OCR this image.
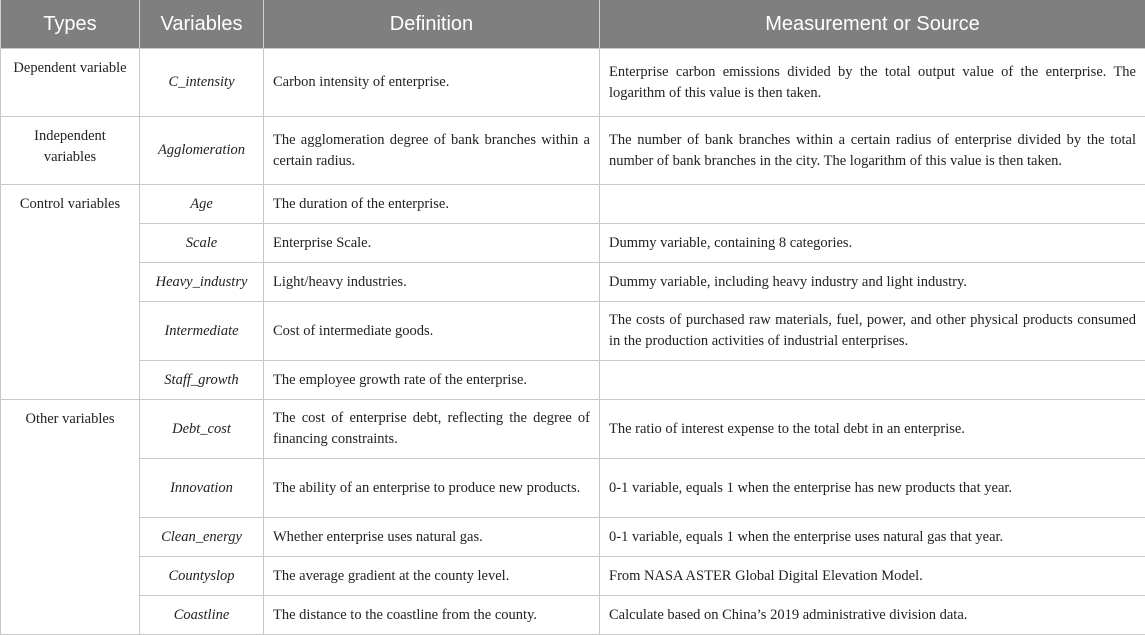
Types	Variables	Definition	Measurement or Source
Dependent variable	C_intensity	Carbon intensity of enterprise.	Enterprise carbon emissions divided by the total output value of the enterprise. The logarithm of this value is then taken.
Independent variables	Agglomeration	The agglomeration degree of bank branches within a certain radius.	The number of bank branches within a certain radius of enterprise divided by the total number of bank branches in the city. The logarithm of this value is then taken.
Control variables	Age	The duration of the enterprise.	
	Scale	Enterprise Scale.	Dummy variable, containing 8 categories.
	Heavy_industry	Light/heavy industries.	Dummy variable, including heavy industry and light industry.
	Intermediate	Cost of intermediate goods.	The costs of purchased raw materials, fuel, power, and other physical products consumed in the production activities of industrial enterprises.
	Staff_growth	The employee growth rate of the enterprise.	
Other variables	Debt_cost	The cost of enterprise debt, reflecting the degree of financing constraints.	The ratio of interest expense to the total debt in an enterprise.
	Innovation	The ability of an enterprise to produce new products.	0-1 variable, equals 1 when the enterprise has new products that year.
	Clean_energy	Whether enterprise uses natural gas.	0-1 variable, equals 1 when the enterprise uses natural gas that year.
	Countyslop	The average gradient at the county level.	From NASA ASTER Global Digital Elevation Model.
	Coastline	The distance to the coastline from the county.	Calculate based on China’s 2019 administrative division data.
